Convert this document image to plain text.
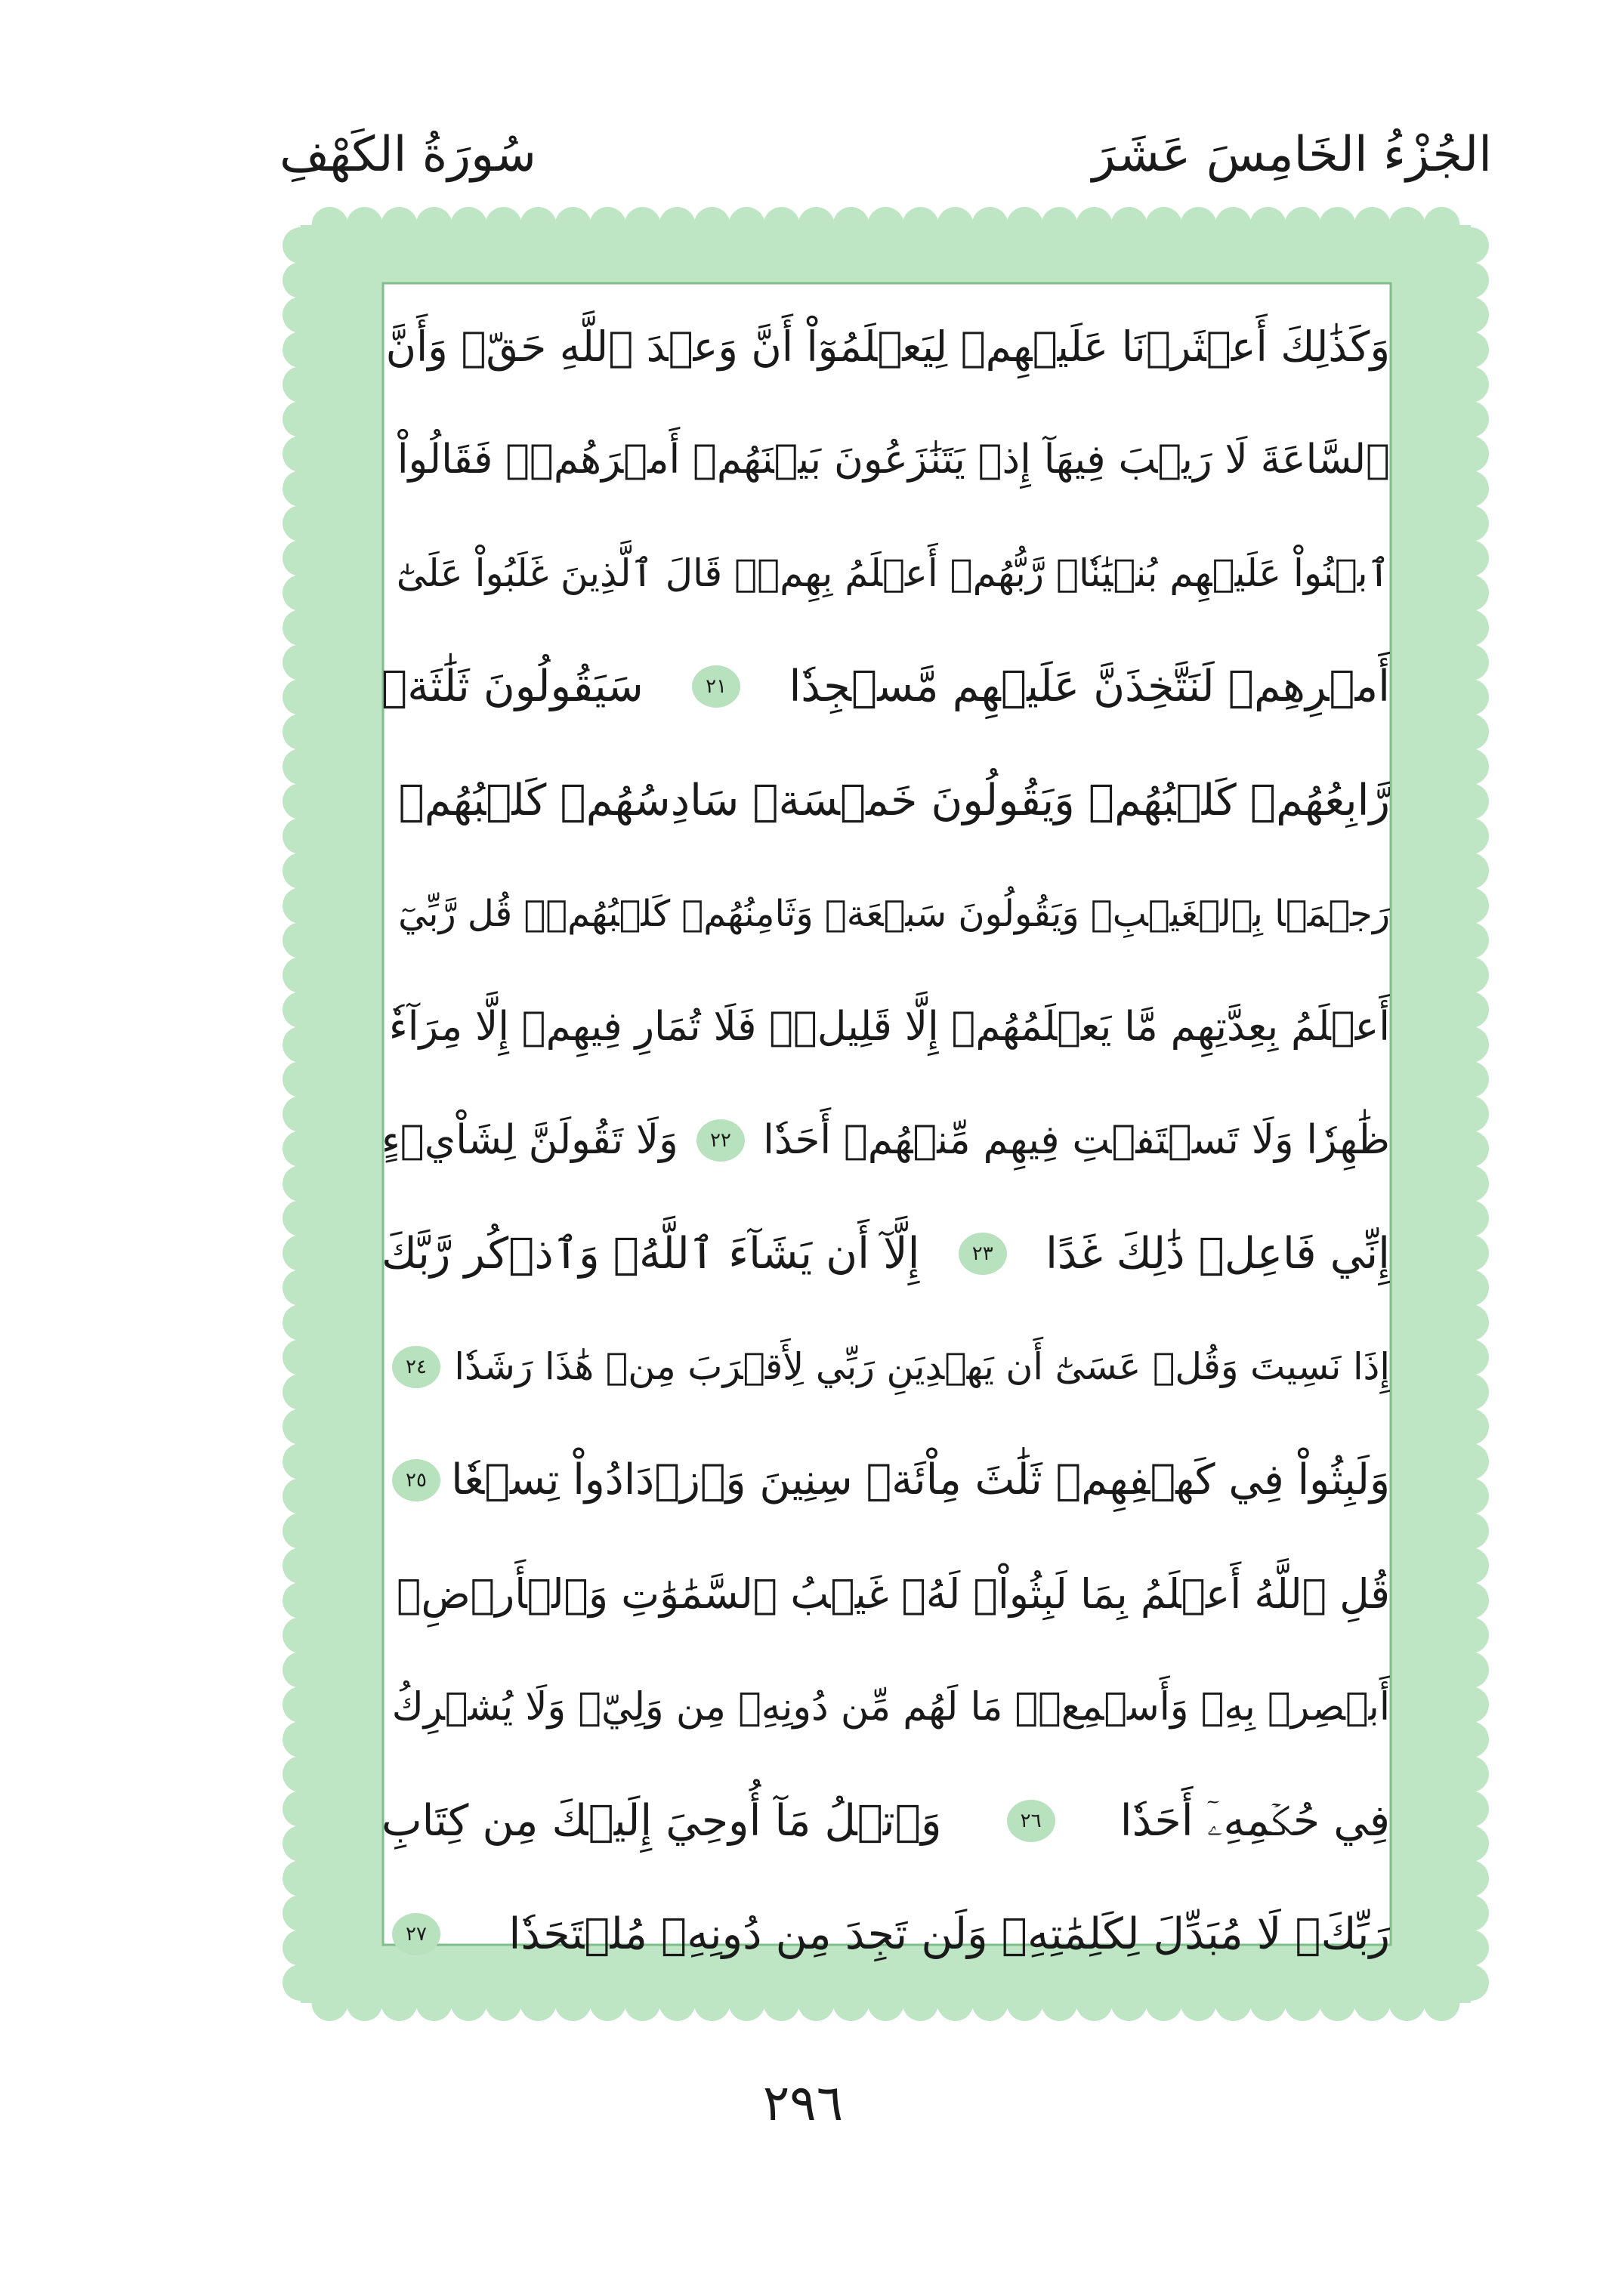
الجُزْءُ الخَامِسَ عَشَرَ
سُورَةُ الكَهْفِ
وَكَذَٰلِكَ أَعۡثَرۡنَا عَلَيۡهِمۡ لِيَعۡلَمُوٓاْ أَنَّ وَعۡدَ ٱللَّهِ حَقّٞ وَأَنَّ
ٱلسَّاعَةَ لَا رَيۡبَ فِيهَآ إِذۡ يَتَنَٰزَعُونَ بَيۡنَهُمۡ أَمۡرَهُمۡۖ فَقَالُواْ
ٱبۡنُواْ عَلَيۡهِم بُنۡيَٰنٗاۖ رَّبُّهُمۡ أَعۡلَمُ بِهِمۡۚ قَالَ ٱلَّذِينَ غَلَبُواْ عَلَىٰٓ
أَمۡرِهِمۡ لَنَتَّخِذَنَّ عَلَيۡهِم مَّسۡجِدٗا
٢١
سَيَقُولُونَ ثَلَٰثَةٞ
رَّابِعُهُمۡ كَلۡبُهُمۡ وَيَقُولُونَ خَمۡسَةٞ سَادِسُهُمۡ كَلۡبُهُمۡ
رَجۡمَۢا بِٱلۡغَيۡبِۖ وَيَقُولُونَ سَبۡعَةٞ وَثَامِنُهُمۡ كَلۡبُهُمۡۚ قُل رَّبِّيٓ
أَعۡلَمُ بِعِدَّتِهِم مَّا يَعۡلَمُهُمۡ إِلَّا قَلِيلٞۗ فَلَا تُمَارِ فِيهِمۡ إِلَّا مِرَآءٗ
ظَٰهِرٗا وَلَا تَسۡتَفۡتِ فِيهِم مِّنۡهُمۡ أَحَدٗا
٢٢
وَلَا تَقُولَنَّ لِشَاْيۡءٍ
إِنِّي فَاعِلٞ ذَٰلِكَ غَدًا
٢٣
إِلَّآ أَن يَشَآءَ ٱللَّهُۚ وَٱذۡكُر رَّبَّكَ
إِذَا نَسِيتَ وَقُلۡ عَسَىٰٓ أَن يَهۡدِيَنِ رَبِّي لِأَقۡرَبَ مِنۡ هَٰذَا رَشَدٗا
٢٤
وَلَبِثُواْ فِي كَهۡفِهِمۡ ثَلَٰثَ مِاْئَةٖ سِنِينَ وَٱزۡدَادُواْ تِسۡعٗا
٢٥
قُلِ ٱللَّهُ أَعۡلَمُ بِمَا لَبِثُواْۖ لَهُۥ غَيۡبُ ٱلسَّمَٰوَٰتِ وَٱلۡأَرۡضِۖ
أَبۡصِرۡ بِهِۦ وَأَسۡمِعۡۚ مَا لَهُم مِّن دُونِهِۦ مِن وَلِيّٖ وَلَا يُشۡرِكُ
فِي حُكۡمِهِۦٓ أَحَدٗا
٢٦
وَٱتۡلُ مَآ أُوحِيَ إِلَيۡكَ مِن كِتَابِ
رَبِّكَۖ لَا مُبَدِّلَ لِكَلِمَٰتِهِۦ وَلَن تَجِدَ مِن دُونِهِۦ مُلۡتَحَدٗا
٢٧
٢٩٦
